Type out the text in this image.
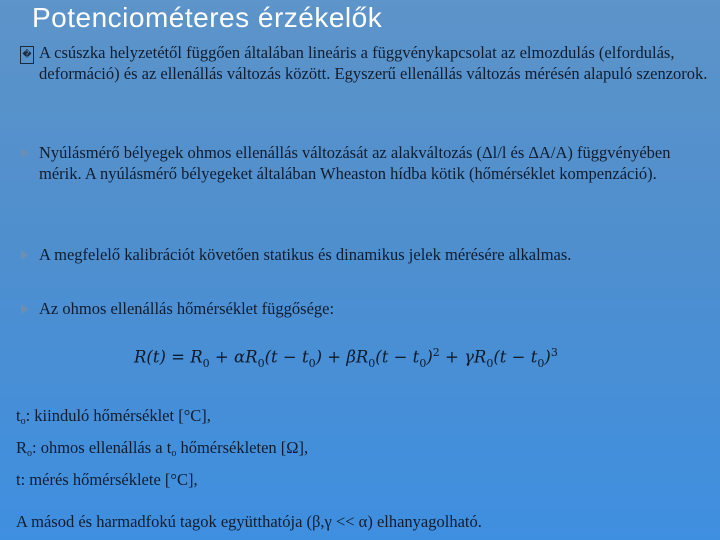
Potenciométeres érzékelők
� A csúszka helyzetétől függően általában lineáris a függvénykapcsolat az elmozdulás (elfordulás, deformáció) és az ellenállás változás között. Egyszerű ellenállás változás mérésén alapuló szenzorok.
Nyúlásmérő bélyegek ohmos ellenállás változását az alakváltozás (Δl/l és ΔA/A) függvényében mérik. A nyúlásmérő bélyegeket általában Wheaston hídba kötik (hőmérséklet kompenzáció).
A megfelelő kalibrációt követően statikus és dinamikus jelek mérésére alkalmas.
Az ohmos ellenállás hőmérséklet függősége:
$R(t) = R_0 + \alpha R_0(t - t_0) + \beta R_0(t - t_0)^2 + \gamma R_0(t - t_0)^3$
$t_o$: kiinduló hőmérséklet [°C],
$R_o$: ohmos ellenállás a $t_o$ hőmérsékleten [Ω],
t: mérés hőmérséklete [°C],
A másod és harmadfokú tagok együtthatója (β,γ << α) elhanyagolható.
